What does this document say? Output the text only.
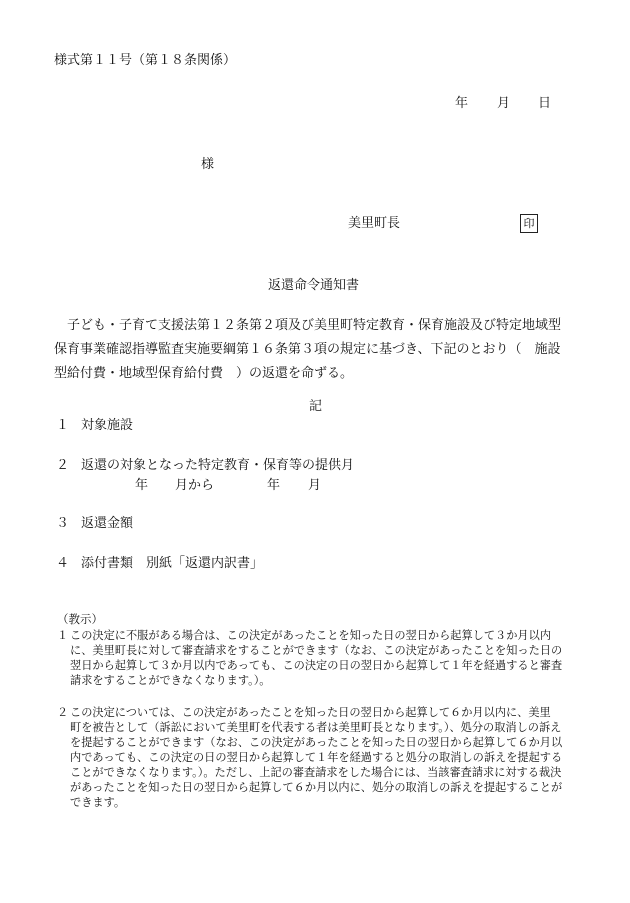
様式第１１号（第１８条関係）
年 月 日
様
美里町長	印
返還命令通知書

　子ども・子育て支援法第１２条第２項及び美里町特定教育・保育施設及び特定地域型

保育事業確認指導監査実施要綱第１６条第３項の規定に基づき、下記のとおり（　施設

型給付費・地域型保育給付費　）の返還を命ずる。

記
１ 対象施設
２ 返還の対象となった特定教育・保育等の提供月
年 月から	年 月
３ 返還金額
４ 添付書類　別紙「返還内訳書」
（教示）

１ この決定に不服がある場合は、この決定があったことを知った日の翌日から起算して３か月以内

に、美里町長に対して審査請求をすることができます（なお、この決定があったことを知った日の

翌日から起算して３か月以内であっても、この決定の日の翌日から起算して１年を経過すると審査

請求をすることができなくなります。）。

２ この決定については、この決定があったことを知った日の翌日から起算して６か月以内に、美里

町を被告として（訴訟において美里町を代表する者は美里町長となります。）、処分の取消しの訴え

を提起することができます（なお、この決定があったことを知った日の翌日から起算して６か月以

内であっても、この決定の日の翌日から起算して１年を経過すると処分の取消しの訴えを提起する

ことができなくなります。）。ただし、上記の審査請求をした場合には、当該審査請求に対する裁決

があったことを知った日の翌日から起算して６か月以内に、処分の取消しの訴えを提起することが

できます。
